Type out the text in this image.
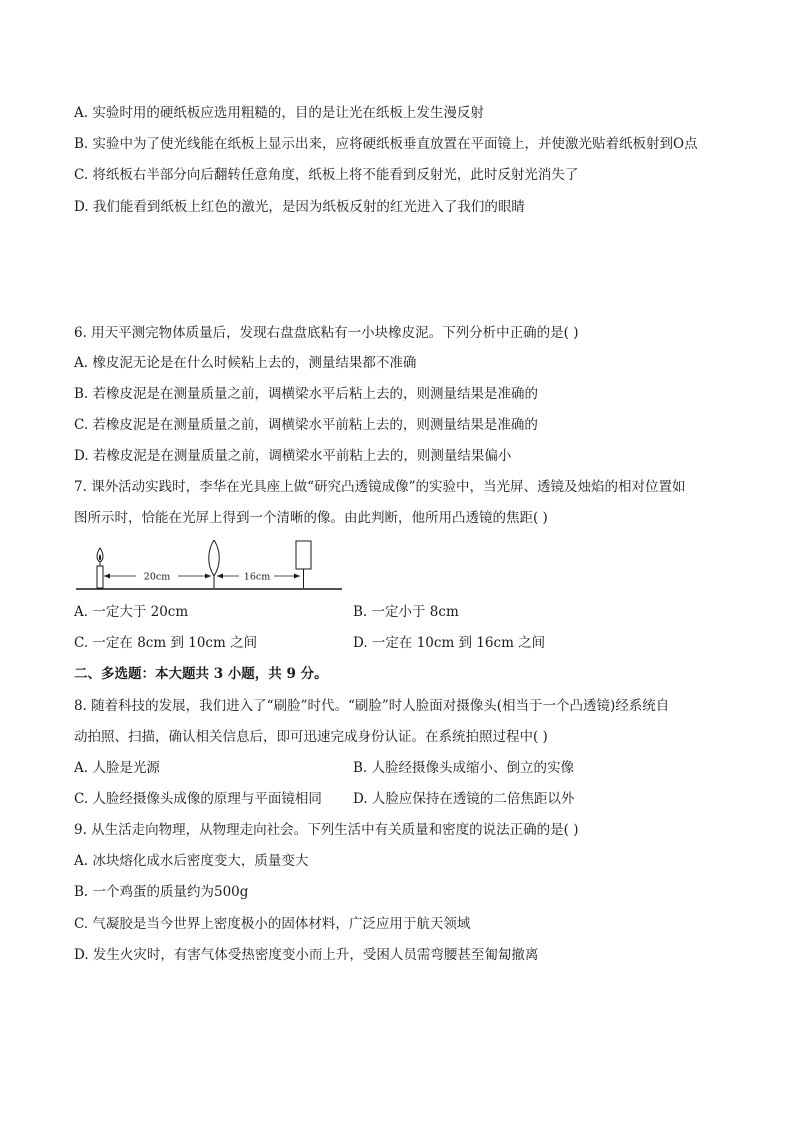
A. 实验时用的硬纸板应选用粗糙的，目的是让光在纸板上发生漫反射
B. 实验中为了使光线能在纸板上显示出来，应将硬纸板垂直放置在平面镜上，并使激光贴着纸板射到O点
C. 将纸板右半部分向后翻转任意角度，纸板上将不能看到反射光，此时反射光消失了
D. 我们能看到纸板上红色的激光，是因为纸板反射的红光进入了我们的眼睛
6. 用天平测完物体质量后，发现右盘盘底粘有一小块橡皮泥。下列分析中正确的是( )
A. 橡皮泥无论是在什么时候粘上去的，测量结果都不准确
B. 若橡皮泥是在测量质量之前，调横梁水平后粘上去的，则测量结果是准确的
C. 若橡皮泥是在测量质量之前，调横梁水平前粘上去的，则测量结果是准确的
D. 若橡皮泥是在测量质量之前，调横梁水平前粘上去的，则测量结果偏小
7. 课外活动实践时，李华在光具座上做“研究凸透镜成像”的实验中，当光屏、透镜及烛焰的相对位置如
图所示时，恰能在光屏上得到一个清晰的像。由此判断，他所用凸透镜的焦距( )
20cm	16cm
A. 一定大于 20cm	B. 一定小于 8cm
C. 一定在 8cm 到 10cm 之间	D. 一定在 10cm 到 16cm 之间
二、多选题：本大题共 3 小题，共 9 分。
8. 随着科技的发展，我们进入了“刷脸”时代。“刷脸”时人脸面对摄像头(相当于一个凸透镜)经系统自
动拍照、扫描，确认相关信息后，即可迅速完成身份认证。在系统拍照过程中( )
A. 人脸是光源	B. 人脸经摄像头成缩小、倒立的实像
C. 人脸经摄像头成像的原理与平面镜相同 D. 人脸应保持在透镜的二倍焦距以外
9. 从生活走向物理，从物理走向社会。下列生活中有关质量和密度的说法正确的是( )
A. 冰块熔化成水后密度变大，质量变大
B. 一个鸡蛋的质量约为500g
C. 气凝胶是当今世界上密度极小的固体材料，广泛应用于航天领域
D. 发生火灾时，有害气体受热密度变小而上升，受困人员需弯腰甚至匍匐撤离
